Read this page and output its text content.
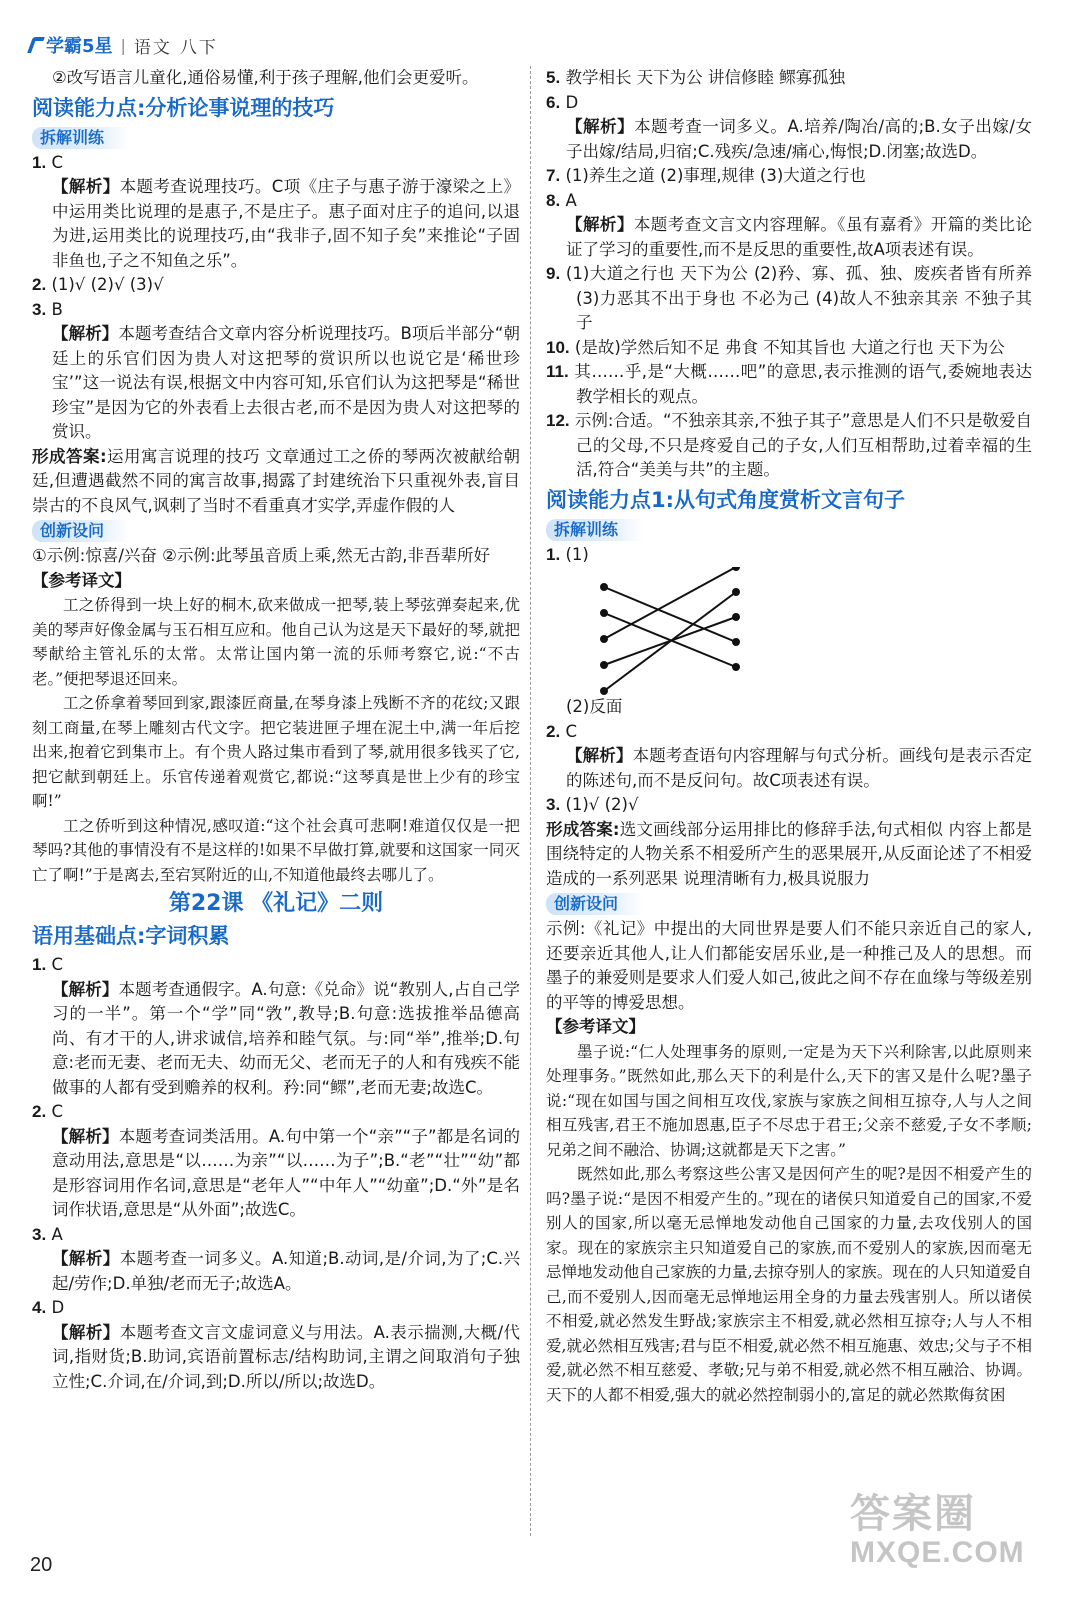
学霸5星 | 语文 八下
②改写语言儿童化,通俗易懂,利于孩子理解,他们会更爱听。
阅读能力点:分析论事说理的技巧
拆解训练
1. C
【解析】本题考查说理技巧。C项《庄子与惠子游于濠梁之上》中运用类比说理的是惠子,不是庄子。惠子面对庄子的追问,以退为进,运用类比的说理技巧,由“我非子,固不知子矣”来推论“子固非鱼也,子之不知鱼之乐”。
2. (1)√ (2)√ (3)√
3. B
【解析】本题考查结合文章内容分析说理技巧。B项后半部分“朝廷上的乐官们因为贵人对这把琴的赏识所以也说它是‘稀世珍宝’”这一说法有误,根据文中内容可知,乐官们认为这把琴是“稀世珍宝”是因为它的外表看上去很古老,而不是因为贵人对这把琴的赏识。
形成答案:运用寓言说理的技巧 文章通过工之侨的琴两次被献给朝廷,但遭遇截然不同的寓言故事,揭露了封建统治下只重视外表,盲目崇古的不良风气,讽刺了当时不看重真才实学,弄虚作假的人
创新设问
①示例:惊喜/兴奋 ②示例:此琴虽音质上乘,然无古韵,非吾辈所好
【参考译文】

工之侨得到一块上好的桐木,砍来做成一把琴,装上琴弦弹奏起来,优美的琴声好像金属与玉石相互应和。他自己认为这是天下最好的琴,就把琴献给主管礼乐的太常。太常让国内第一流的乐师考察它,说:“不古老。”便把琴退还回来。

工之侨拿着琴回到家,跟漆匠商量,在琴身漆上残断不齐的花纹;又跟刻工商量,在琴上雕刻古代文字。把它装进匣子埋在泥土中,满一年后挖出来,抱着它到集市上。有个贵人路过集市看到了琴,就用很多钱买了它,把它献到朝廷上。乐官传递着观赏它,都说:“这琴真是世上少有的珍宝啊!”

工之侨听到这种情况,感叹道:“这个社会真可悲啊!难道仅仅是一把琴吗?其他的事情没有不是这样的!如果不早做打算,就要和这国家一同灭亡了啊!”于是离去,至宕冥附近的山,不知道他最终去哪儿了。

第22课 《礼记》二则
语用基础点:字词积累
1. C
【解析】本题考查通假字。A.句意:《兑命》说“教别人,占自己学习的一半”。第一个“学”同“敩”,教导;B.句意:选拔推举品德高尚、有才干的人,讲求诚信,培养和睦气氛。与:同“举”,推举;D.句意:老而无妻、老而无夫、幼而无父、老而无子的人和有残疾不能做事的人都有受到赡养的权利。矜:同“鳏”,老而无妻;故选C。
2. C
【解析】本题考查词类活用。A.句中第一个“亲”“子”都是名词的意动用法,意思是“以……为亲”“以……为子”;B.“老”“壮”“幼”都是形容词用作名词,意思是“老年人”“中年人”“幼童”;D.“外”是名词作状语,意思是“从外面”;故选C。
3. A
【解析】本题考查一词多义。A.知道;B.动词,是/介词,为了;C.兴起/劳作;D.单独/老而无子;故选A。
4. D
【解析】本题考查文言文虚词意义与用法。A.表示揣测,大概/代词,指财货;B.助词,宾语前置标志/结构助词,主谓之间取消句子独立性;C.介词,在/介词,到;D.所以/所以;故选D。
5. 教学相长 天下为公 讲信修睦 鳏寡孤独
6. D
【解析】本题考查一词多义。A.培养/陶冶/高的;B.女子出嫁/女子出嫁/结局,归宿;C.残疾/急速/痛心,悔恨;D.闭塞;故选D。
7. (1)养生之道 (2)事理,规律 (3)大道之行也
8. A
【解析】本题考查文言文内容理解。《虽有嘉肴》开篇的类比论证了学习的重要性,而不是反思的重要性,故A项表述有误。
9. (1)大道之行也 天下为公 (2)矜、寡、孤、独、废疾者皆有所养 (3)力恶其不出于身也 不必为己 (4)故人不独亲其亲 不独子其子
10. (是故)学然后知不足 弗食 不知其旨也 大道之行也 天下为公
11. 其……乎,是“大概……吧”的意思,表示推测的语气,委婉地表达教学相长的观点。
12. 示例:合适。“不独亲其亲,不独子其子”意思是人们不只是敬爱自己的父母,不只是疼爱自己的子女,人们互相帮助,过着幸福的生活,符合“美美与共”的主题。
阅读能力点1:从句式角度赏析文言句子
拆解训练
1. (1)
(2)反面
2. C
【解析】本题考查语句内容理解与句式分析。画线句是表示否定的陈述句,而不是反问句。故C项表述有误。
3. (1)√ (2)√
形成答案:选文画线部分运用排比的修辞手法,句式相似 内容上都是围绕特定的人物关系不相爱所产生的恶果展开,从反面论述了不相爱造成的一系列恶果 说理清晰有力,极具说服力
创新设问
示例:《礼记》中提出的大同世界是要人们不能只亲近自己的家人,还要亲近其他人,让人们都能安居乐业,是一种推己及人的思想。而墨子的兼爱则是要求人们爱人如己,彼此之间不存在血缘与等级差别的平等的博爱思想。
【参考译文】

墨子说:“仁人处理事务的原则,一定是为天下兴利除害,以此原则来处理事务。”既然如此,那么天下的利是什么,天下的害又是什么呢?墨子说:“现在如国与国之间相互攻伐,家族与家族之间相互掠夺,人与人之间相互残害,君王不施加恩惠,臣子不尽忠于君王;父亲不慈爱,子女不孝顺;兄弟之间不融洽、协调;这就都是天下之害。”

既然如此,那么考察这些公害又是因何产生的呢?是因不相爱产生的吗?墨子说:“是因不相爱产生的。”现在的诸侯只知道爱自己的国家,不爱别人的国家,所以毫无忌惮地发动他自己国家的力量,去攻伐别人的国家。现在的家族宗主只知道爱自己的家族,而不爱别人的家族,因而毫无忌惮地发动他自己家族的力量,去掠夺别人的家族。现在的人只知道爱自己,而不爱别人,因而毫无忌惮地运用全身的力量去残害别人。所以诸侯不相爱,就必然发生野战;家族宗主不相爱,就必然相互掠夺;人与人不相爱,就必然相互残害;君与臣不相爱,就必然不相互施惠、效忠;父与子不相爱,就必然不相互慈爱、孝敬;兄与弟不相爱,就必然不相互融洽、协调。天下的人都不相爱,强大的就必然控制弱小的,富足的就必然欺侮贫困

20
答案圈
MXQE.COM
